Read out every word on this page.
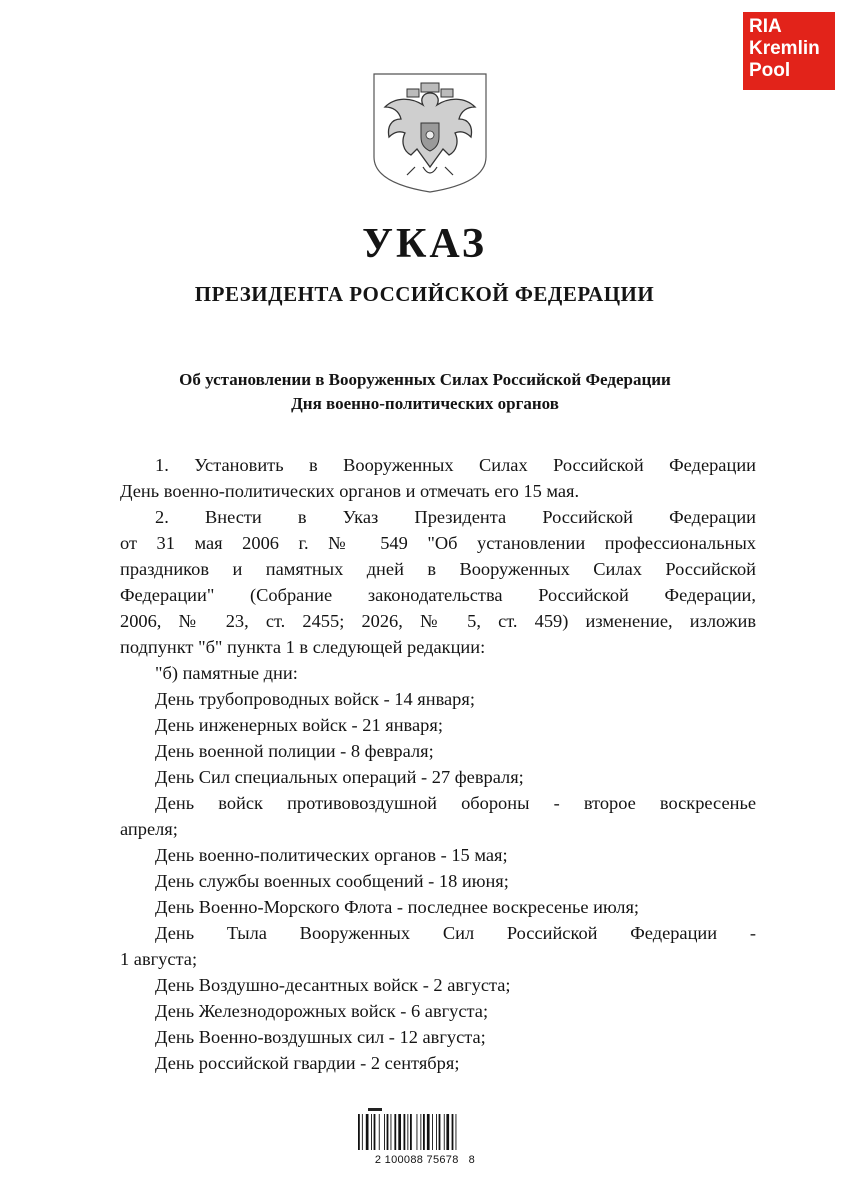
RIA
Kremlin
Pool
УКАЗ
ПРЕЗИДЕНТА РОССИЙСКОЙ ФЕДЕРАЦИИ
Об установлении в Вооруженных Силах Российской Федерации
Дня военно-политических органов
1. Установить в Вооруженных Силах Российской Федерации
День военно-политических органов и отмечать его 15 мая.
2. Внести в Указ Президента Российской Федерации
от 31 мая 2006 г. № 549 "Об установлении профессиональных
праздников и памятных дней в Вооруженных Силах Российской
Федерации" (Собрание законодательства Российской Федерации,
2006, № 23, ст. 2455; 2026, № 5, ст. 459) изменение, изложив
подпункт "б" пункта 1 в следующей редакции:
"б) памятные дни:
День трубопроводных войск - 14 января;
День инженерных войск - 21 января;
День военной полиции - 8 февраля;
День Сил специальных операций - 27 февраля;
День войск противовоздушной обороны - второе воскресенье
апреля;
День военно-политических органов - 15 мая;
День службы военных сообщений - 18 июня;
День Военно-Морского Флота - последнее воскресенье июля;
День Тыла Вооруженных Сил Российской Федерации -
1 августа;
День Воздушно-десантных войск - 2 августа;
День Железнодорожных войск - 6 августа;
День Военно-воздушных сил - 12 августа;
День российской гвардии - 2 сентября;
2 100088 75678   8
